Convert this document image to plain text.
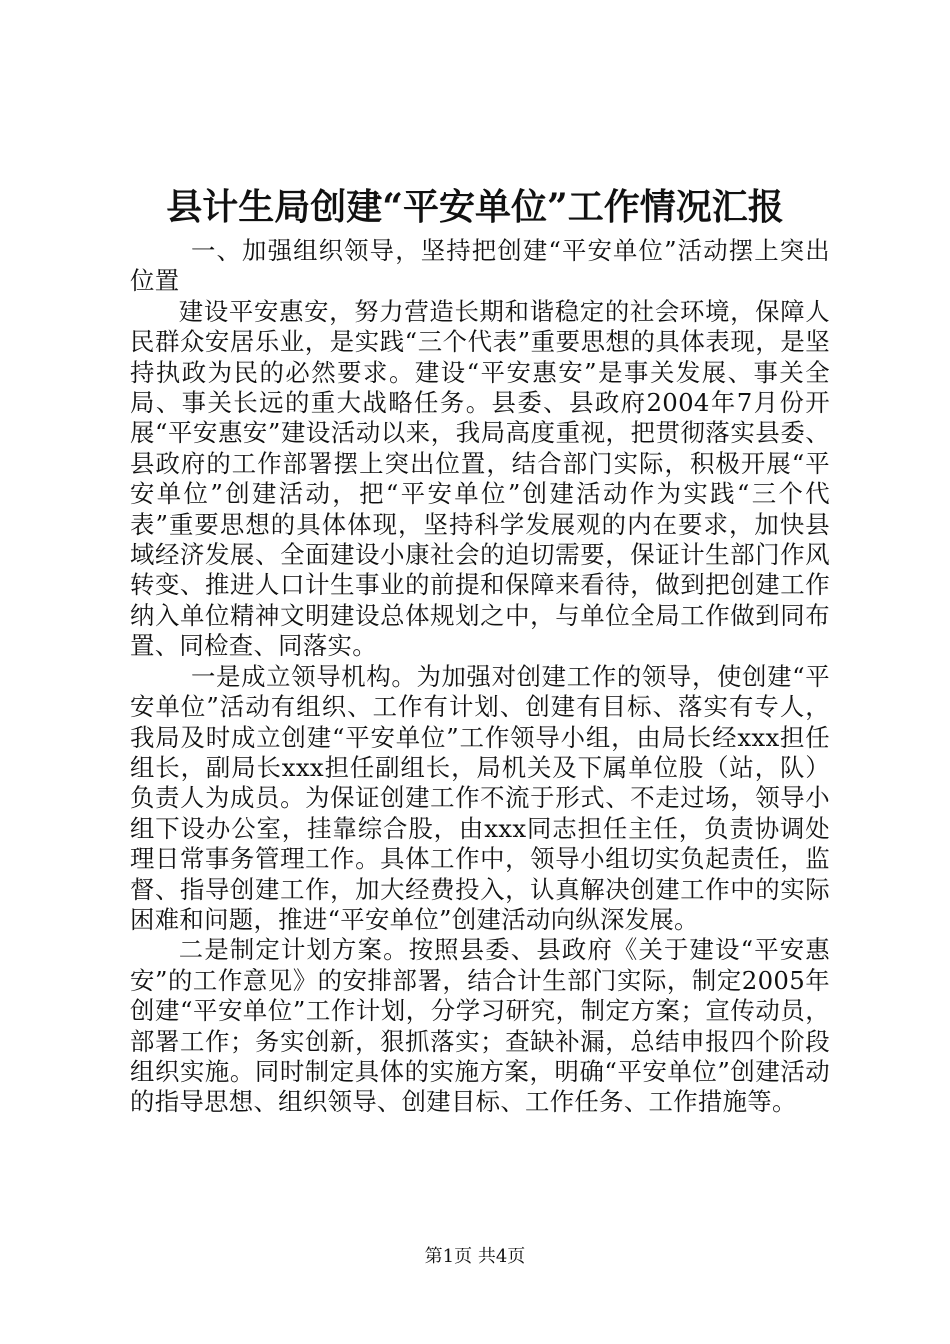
县计生局创建“平安单位”工作情况汇报

一、加强组织领导，坚持把创建“平安单位”活动摆上突出位置

建设平安惠安，努力营造长期和谐稳定的社会环境，保障人民群众安居乐业，是实践“三个代表”重要思想的具体表现，是坚持执政为民的必然要求。建设“平安惠安”是事关发展、事关全局、事关长远的重大战略任务。县委、县政府2004年7月份开展“平安惠安”建设活动以来，我局高度重视，把贯彻落实县委、县政府的工作部署摆上突出位置，结合部门实际，积极开展“平安单位”创建活动，把“平安单位”创建活动作为实践“三个代表”重要思想的具体体现，坚持科学发展观的内在要求，加快县域经济发展、全面建设小康社会的迫切需要，保证计生部门作风转变、推进人口计生事业的前提和保障来看待，做到把创建工作纳入单位精神文明建设总体规划之中，与单位全局工作做到同布置、同检查、同落实。

一是成立领导机构。为加强对创建工作的领导，使创建“平安单位”活动有组织、工作有计划、创建有目标、落实有专人，我局及时成立创建“平安单位”工作领导小组，由局长经xxx担任组长，副局长xxx担任副组长，局机关及下属单位股（站，队）负责人为成员。为保证创建工作不流于形式、不走过场，领导小组下设办公室，挂靠综合股，由xxx同志担任主任，负责协调处理日常事务管理工作。具体工作中，领导小组切实负起责任，监督、指导创建工作，加大经费投入，认真解决创建工作中的实际困难和问题，推进“平安单位”创建活动向纵深发展。

二是制定计划方案。按照县委、县政府《关于建设“平安惠安”的工作意见》的安排部署，结合计生部门实际，制定2005年创建“平安单位”工作计划，分学习研究，制定方案；宣传动员，部署工作；务实创新，狠抓落实；查缺补漏，总结申报四个阶段组织实施。同时制定具体的实施方案，明确“平安单位”创建活动的指导思想、组织领导、创建目标、工作任务、工作措施等。

第1页 共4页
